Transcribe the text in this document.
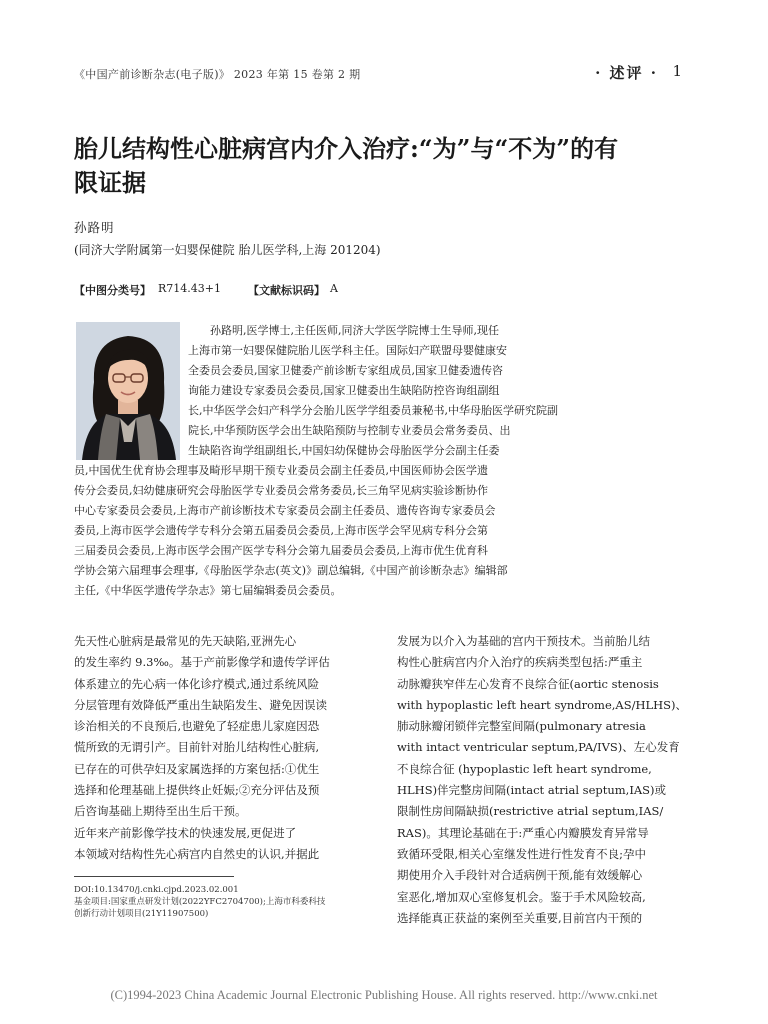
《中国产前诊断杂志(电子版)》 2023 年第 15 卷第 2 期	· 述评 · 1
胎儿结构性心脏病宫内介入治疗:“为”与“不为”的有限证据
孙路明
(同济大学附属第一妇婴保健院 胎儿医学科,上海 201204)
【中图分类号】 R714.43+1 【文献标识码】 A
孙路明,医学博士,主任医师,同济大学医学院博士生导师,现任
上海市第一妇婴保健院胎儿医学科主任。国际妇产联盟母婴健康安
全委员会委员,国家卫健委产前诊断专家组成员,国家卫健委遗传咨
询能力建设专家委员会委员,国家卫健委出生缺陷防控咨询组副组
长,中华医学会妇产科学分会胎儿医学学组委员兼秘书,中华母胎医学研究院副
院长,中华预防医学会出生缺陷预防与控制专业委员会常务委员、出
生缺陷咨询学组副组长,中国妇幼保健协会母胎医学分会副主任委
员,中国优生优育协会理事及畸形早期干预专业委员会副主任委员,中国医师协会医学遗
传分会委员,妇幼健康研究会母胎医学专业委员会常务委员,长三角罕见病实验诊断协作
中心专家委员会委员,上海市产前诊断技术专家委员会副主任委员、遗传咨询专家委员会
委员,上海市医学会遗传学专科分会第五届委员会委员,上海市医学会罕见病专科分会第
三届委员会委员,上海市医学会围产医学专科分会第九届委员会委员,上海市优生优育科
学协会第六届理事会理事,《母胎医学杂志(英文)》副总编辑,《中国产前诊断杂志》编辑部
主任,《中华医学遗传学杂志》第七届编辑委员会委员。
先天性心脏病是最常见的先天缺陷,亚洲先心
的发生率约 9.3‰。基于产前影像学和遗传学评估
体系建立的先心病一体化诊疗模式,通过系统风险
分层管理有效降低严重出生缺陷发生、避免因误读
诊治相关的不良预后,也避免了轻症患儿家庭因恐
慌所致的无谓引产。目前针对胎儿结构性心脏病,
已存在的可供孕妇及家属选择的方案包括:①优生
选择和伦理基础上提供终止妊娠;②充分评估及预
后咨询基础上期待至出生后干预。
近年来产前影像学技术的快速发展,更促进了
本领域对结构性先心病宫内自然史的认识,并据此
发展为以介入为基础的宫内干预技术。当前胎儿结
构性心脏病宫内介入治疗的疾病类型包括:严重主
动脉瓣狭窄伴左心发育不良综合征(aortic stenosis
with hypoplastic left heart syndrome,AS/HLHS)、
肺动脉瓣闭锁伴完整室间隔(pulmonary atresia
with intact ventricular septum,PA/IVS)、左心发育
不良综合征 (hypoplastic left heart syndrome,
HLHS)伴完整房间隔(intact atrial septum,IAS)或
限制性房间隔缺损(restrictive atrial septum,IAS/
RAS)。其理论基础在于:严重心内瓣膜发育异常导
致循环受限,相关心室继发性进行性发育不良;孕中
期使用介入手段针对合适病例干预,能有效缓解心
室恶化,增加双心室修复机会。鉴于手术风险较高,
选择能真正获益的案例至关重要,目前宫内干预的
DOI:10.13470/j.cnki.cjpd.2023.02.001
基金项目:国家重点研发计划(2022YFC2704700);上海市科委科技
创新行动计划项目(21Y11907500)
(C)1994-2023 China Academic Journal Electronic Publishing House. All rights reserved. http://www.cnki.net
